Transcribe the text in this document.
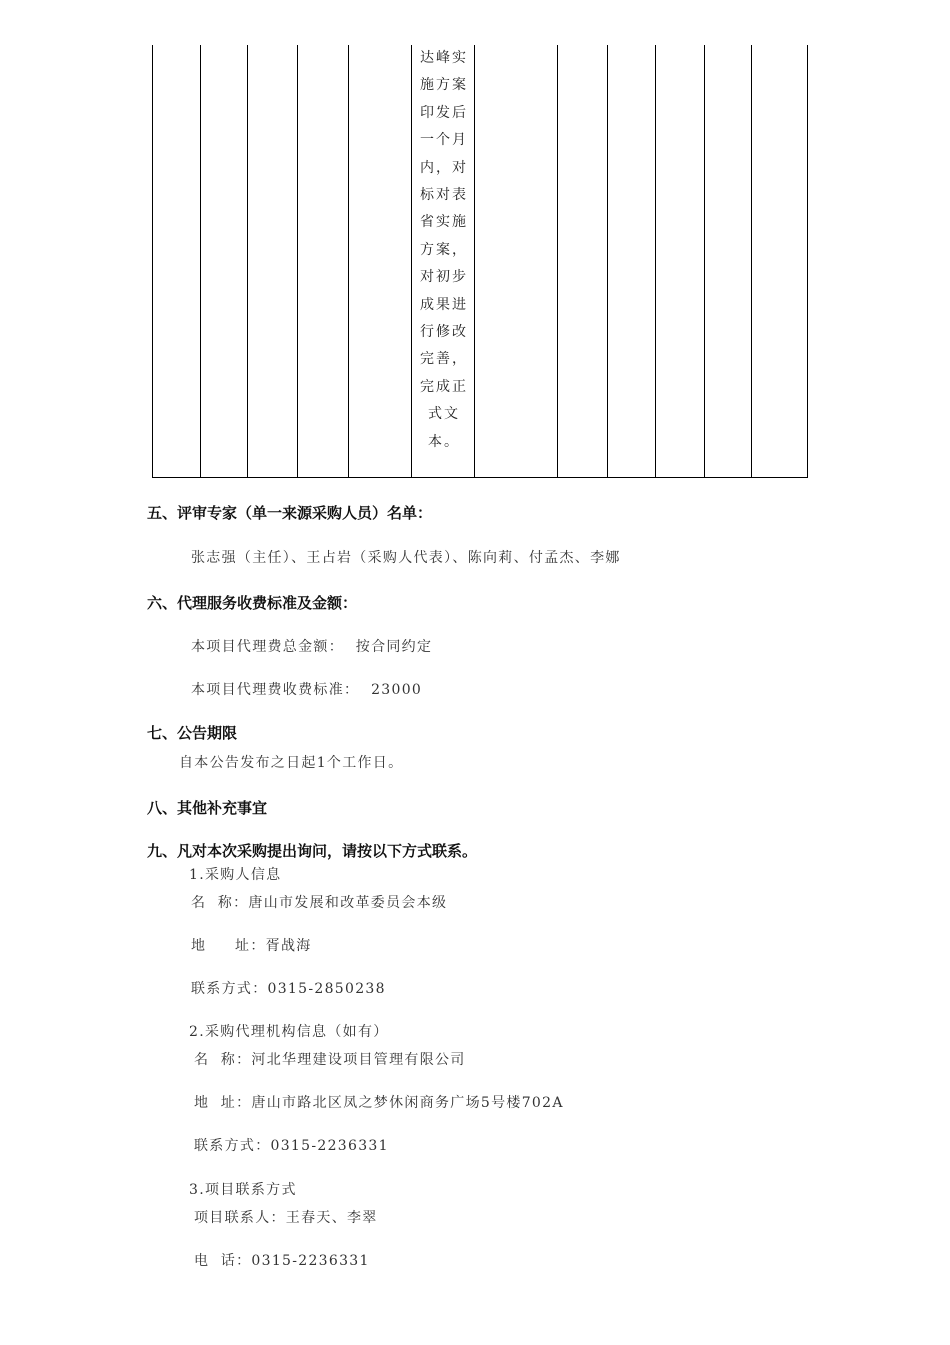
达峰实
施方案
印发后
一个月
内，对
标对表
省实施
方案，
对初步
成果进
行修改
完善，
完成正
式文
本。
五、评审专家（单一来源采购人员）名单：
张志强（主任）、王占岩（采购人代表）、陈向莉、付孟杰、李娜
六、代理服务收费标准及金额：
本项目代理费总金额： 按合同约定
本项目代理费收费标准： 23000
七、公告期限
自本公告发布之日起1个工作日。
八、其他补充事宜
九、凡对本次采购提出询问，请按以下方式联系。
1.采购人信息
名  称：唐山市发展和改革委员会本级
地     址：胥战海
联系方式：0315-2850238
2.采购代理机构信息（如有）
名  称：河北华理建设项目管理有限公司
地  址：唐山市路北区凤之梦休闲商务广场5号楼702A
联系方式：0315-2236331
3.项目联系方式
项目联系人：王春天、李翠
电  话：0315-2236331
